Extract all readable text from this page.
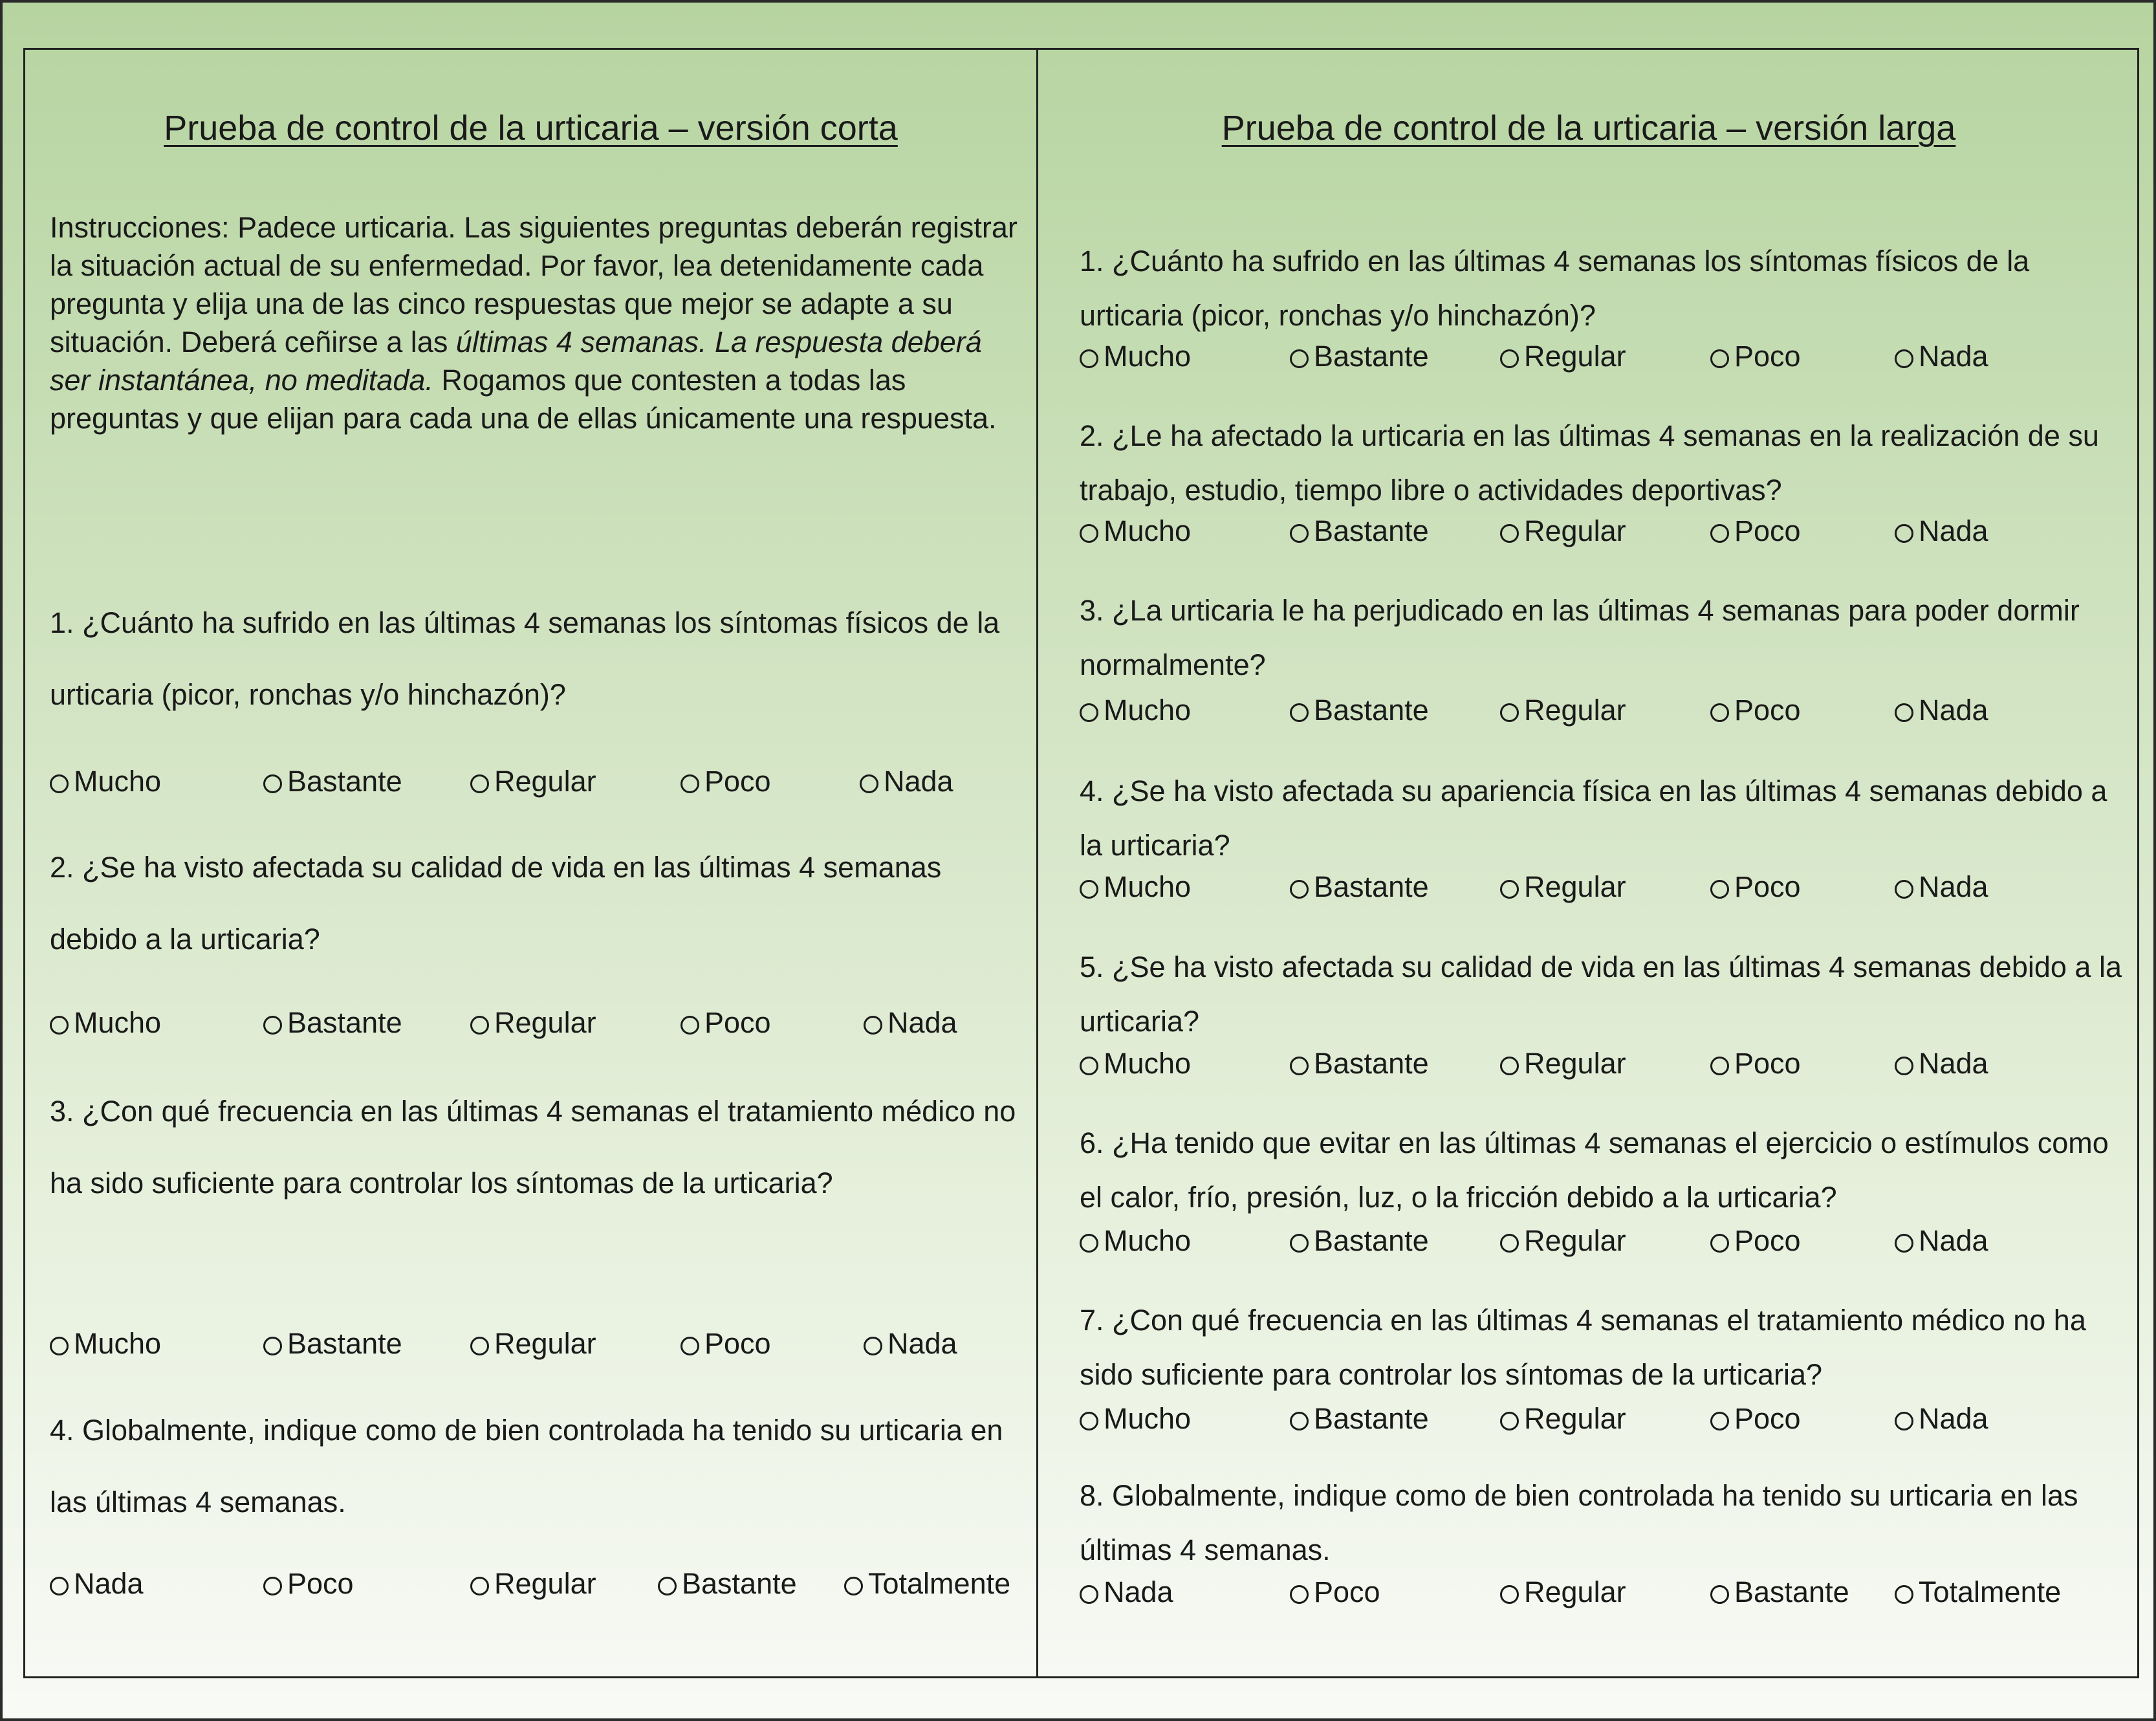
Prueba de control de la urticaria – versión corta
Instrucciones: Padece urticaria. Las siguientes preguntas deberán registrar la situación actual de su enfermedad. Por favor, lea detenidamente cada pregunta y elija una de las cinco respuestas que mejor se adapte a su situación. Deberá ceñirse a las últimas 4 semanas. La respuesta deberá ser instantánea, no meditada. Rogamos que contesten a todas las preguntas y que elijan para cada una de ellas únicamente una respuesta.
1. ¿Cuánto ha sufrido en las últimas 4 semanas los síntomas físicos de la urticaria (picor, ronchas y/o hinchazón)?
Mucho	Bastante	Regular	Poco	Nada
2. ¿Se ha visto afectada su calidad de vida en las últimas 4 semanas debido a la urticaria?
Mucho	Bastante	Regular	Poco	Nada
3. ¿Con qué frecuencia en las últimas 4 semanas el tratamiento médico no ha sido suficiente para controlar los síntomas de la urticaria?
Mucho	Bastante	Regular	Poco	Nada
4. Globalmente, indique como de bien controlada ha tenido su urticaria en las últimas 4 semanas.
Nada	Poco	Regular	Bastante	Totalmente
Prueba de control de la urticaria – versión larga
1. ¿Cuánto ha sufrido en las últimas 4 semanas los síntomas físicos de la urticaria (picor, ronchas y/o hinchazón)?
Mucho	Bastante	Regular	Poco	Nada
2. ¿Le ha afectado la urticaria en las últimas 4 semanas en la realización de su trabajo, estudio, tiempo libre o actividades deportivas?
Mucho	Bastante	Regular	Poco	Nada
3. ¿La urticaria le ha perjudicado en las últimas 4 semanas para poder dormir normalmente?
Mucho	Bastante	Regular	Poco	Nada
4. ¿Se ha visto afectada su apariencia física en las últimas 4 semanas debido a la urticaria?
Mucho	Bastante	Regular	Poco	Nada
5. ¿Se ha visto afectada su calidad de vida en las últimas 4 semanas debido a la urticaria?
Mucho	Bastante	Regular	Poco	Nada
6. ¿Ha tenido que evitar en las últimas 4 semanas el ejercicio o estímulos como el calor, frío, presión, luz, o la fricción debido a la urticaria?
Mucho	Bastante	Regular	Poco	Nada
7. ¿Con qué frecuencia en las últimas 4 semanas el tratamiento médico no ha sido suficiente para controlar los síntomas de la urticaria?
Mucho	Bastante	Regular	Poco	Nada
8. Globalmente, indique como de bien controlada ha tenido su urticaria en las últimas 4 semanas.
Nada	Poco	Regular	Bastante	Totalmente
